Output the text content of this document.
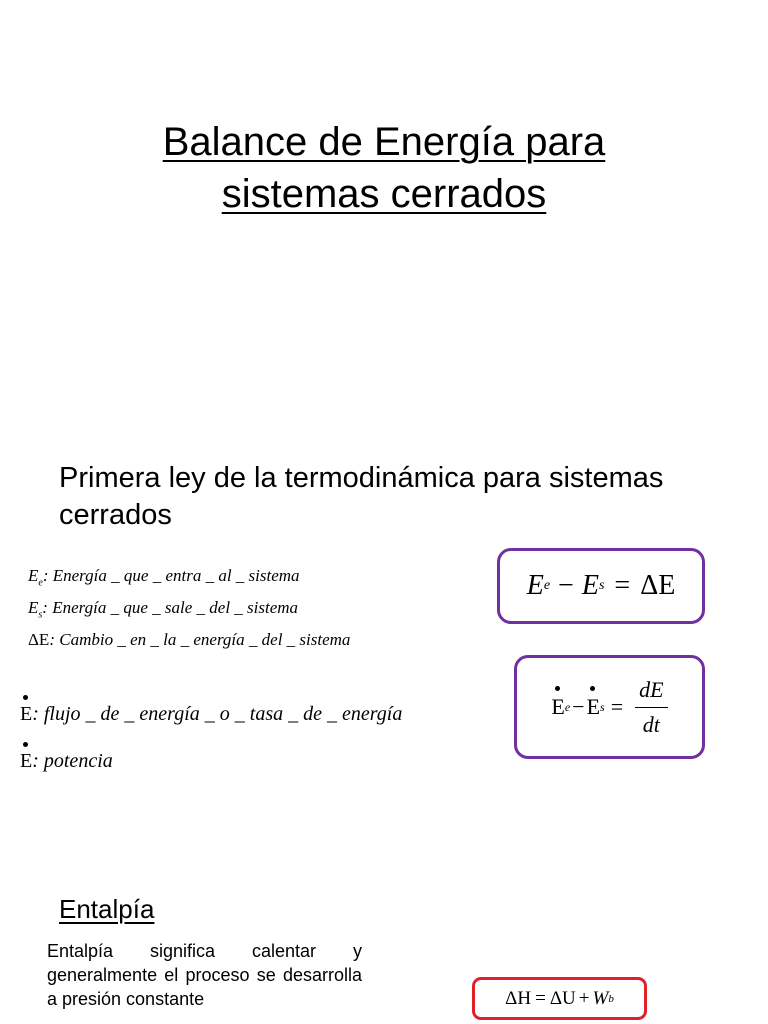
Balance de Energía para
sistemas cerrados
Primera ley de la termodinámica para sistemas cerrados
$E_e$: Energía _ que _ entra _ al _ sistema
$E_s$: Energía _ que _ sale _ del _ sistema
ΔE: Cambio _ en _ la _ energía _ del _ sistema
E: flujo _ de _ energía _ o _ tasa _ de _ energía
E: potencia
E e − E s = ΔE
E e − E $s = \frac{dE}{dt}$
Entalpía
Entalpía significa calentar y generalmente el proceso se desarrolla a presión constante	ΔH = ΔU + W b
